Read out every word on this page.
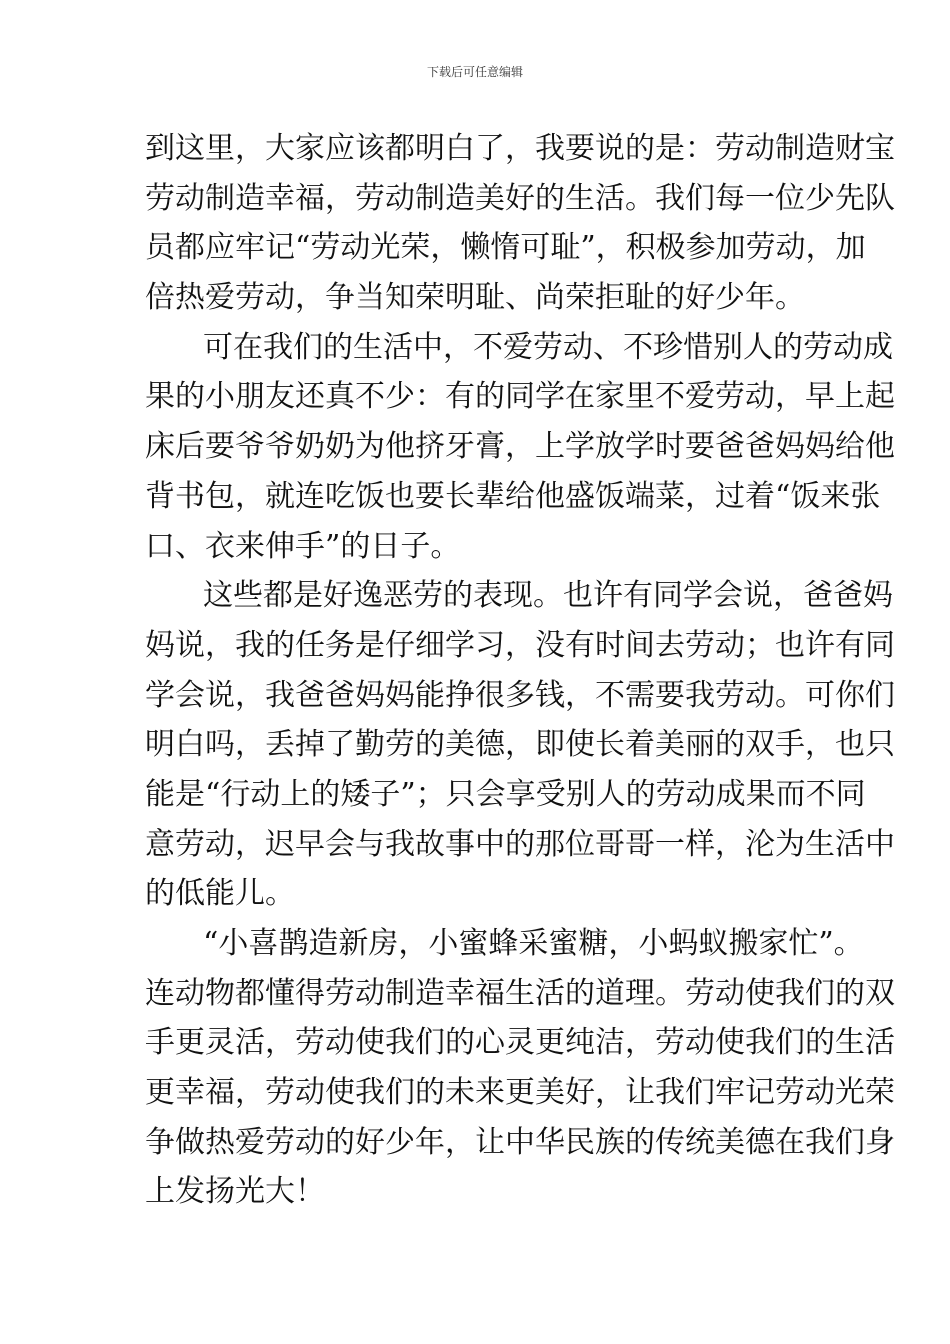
下载后可任意编辑
到这里，大家应该都明白了，我要说的是：劳动制造财宝
劳动制造幸福，劳动制造美好的生活。我们每一位少先队
员都应牢记“劳动光荣，懒惰可耻”，积极参加劳动，加
倍热爱劳动，争当知荣明耻、尚荣拒耻的好少年。
可在我们的生活中，不爱劳动、不珍惜别人的劳动成
果的小朋友还真不少：有的同学在家里不爱劳动，早上起
床后要爷爷奶奶为他挤牙膏，上学放学时要爸爸妈妈给他
背书包，就连吃饭也要长辈给他盛饭端菜，过着“饭来张
口、衣来伸手”的日子。
这些都是好逸恶劳的表现。也许有同学会说，爸爸妈
妈说，我的任务是仔细学习，没有时间去劳动；也许有同
学会说，我爸爸妈妈能挣很多钱，不需要我劳动。可你们
明白吗，丢掉了勤劳的美德，即使长着美丽的双手，也只
能是“行动上的矮子”；只会享受别人的劳动成果而不同
意劳动，迟早会与我故事中的那位哥哥一样，沦为生活中
的低能儿。
“小喜鹊造新房，小蜜蜂采蜜糖，小蚂蚁搬家忙”。
连动物都懂得劳动制造幸福生活的道理。劳动使我们的双
手更灵活，劳动使我们的心灵更纯洁，劳动使我们的生活
更幸福，劳动使我们的未来更美好，让我们牢记劳动光荣
争做热爱劳动的好少年，让中华民族的传统美德在我们身
上发扬光大！
